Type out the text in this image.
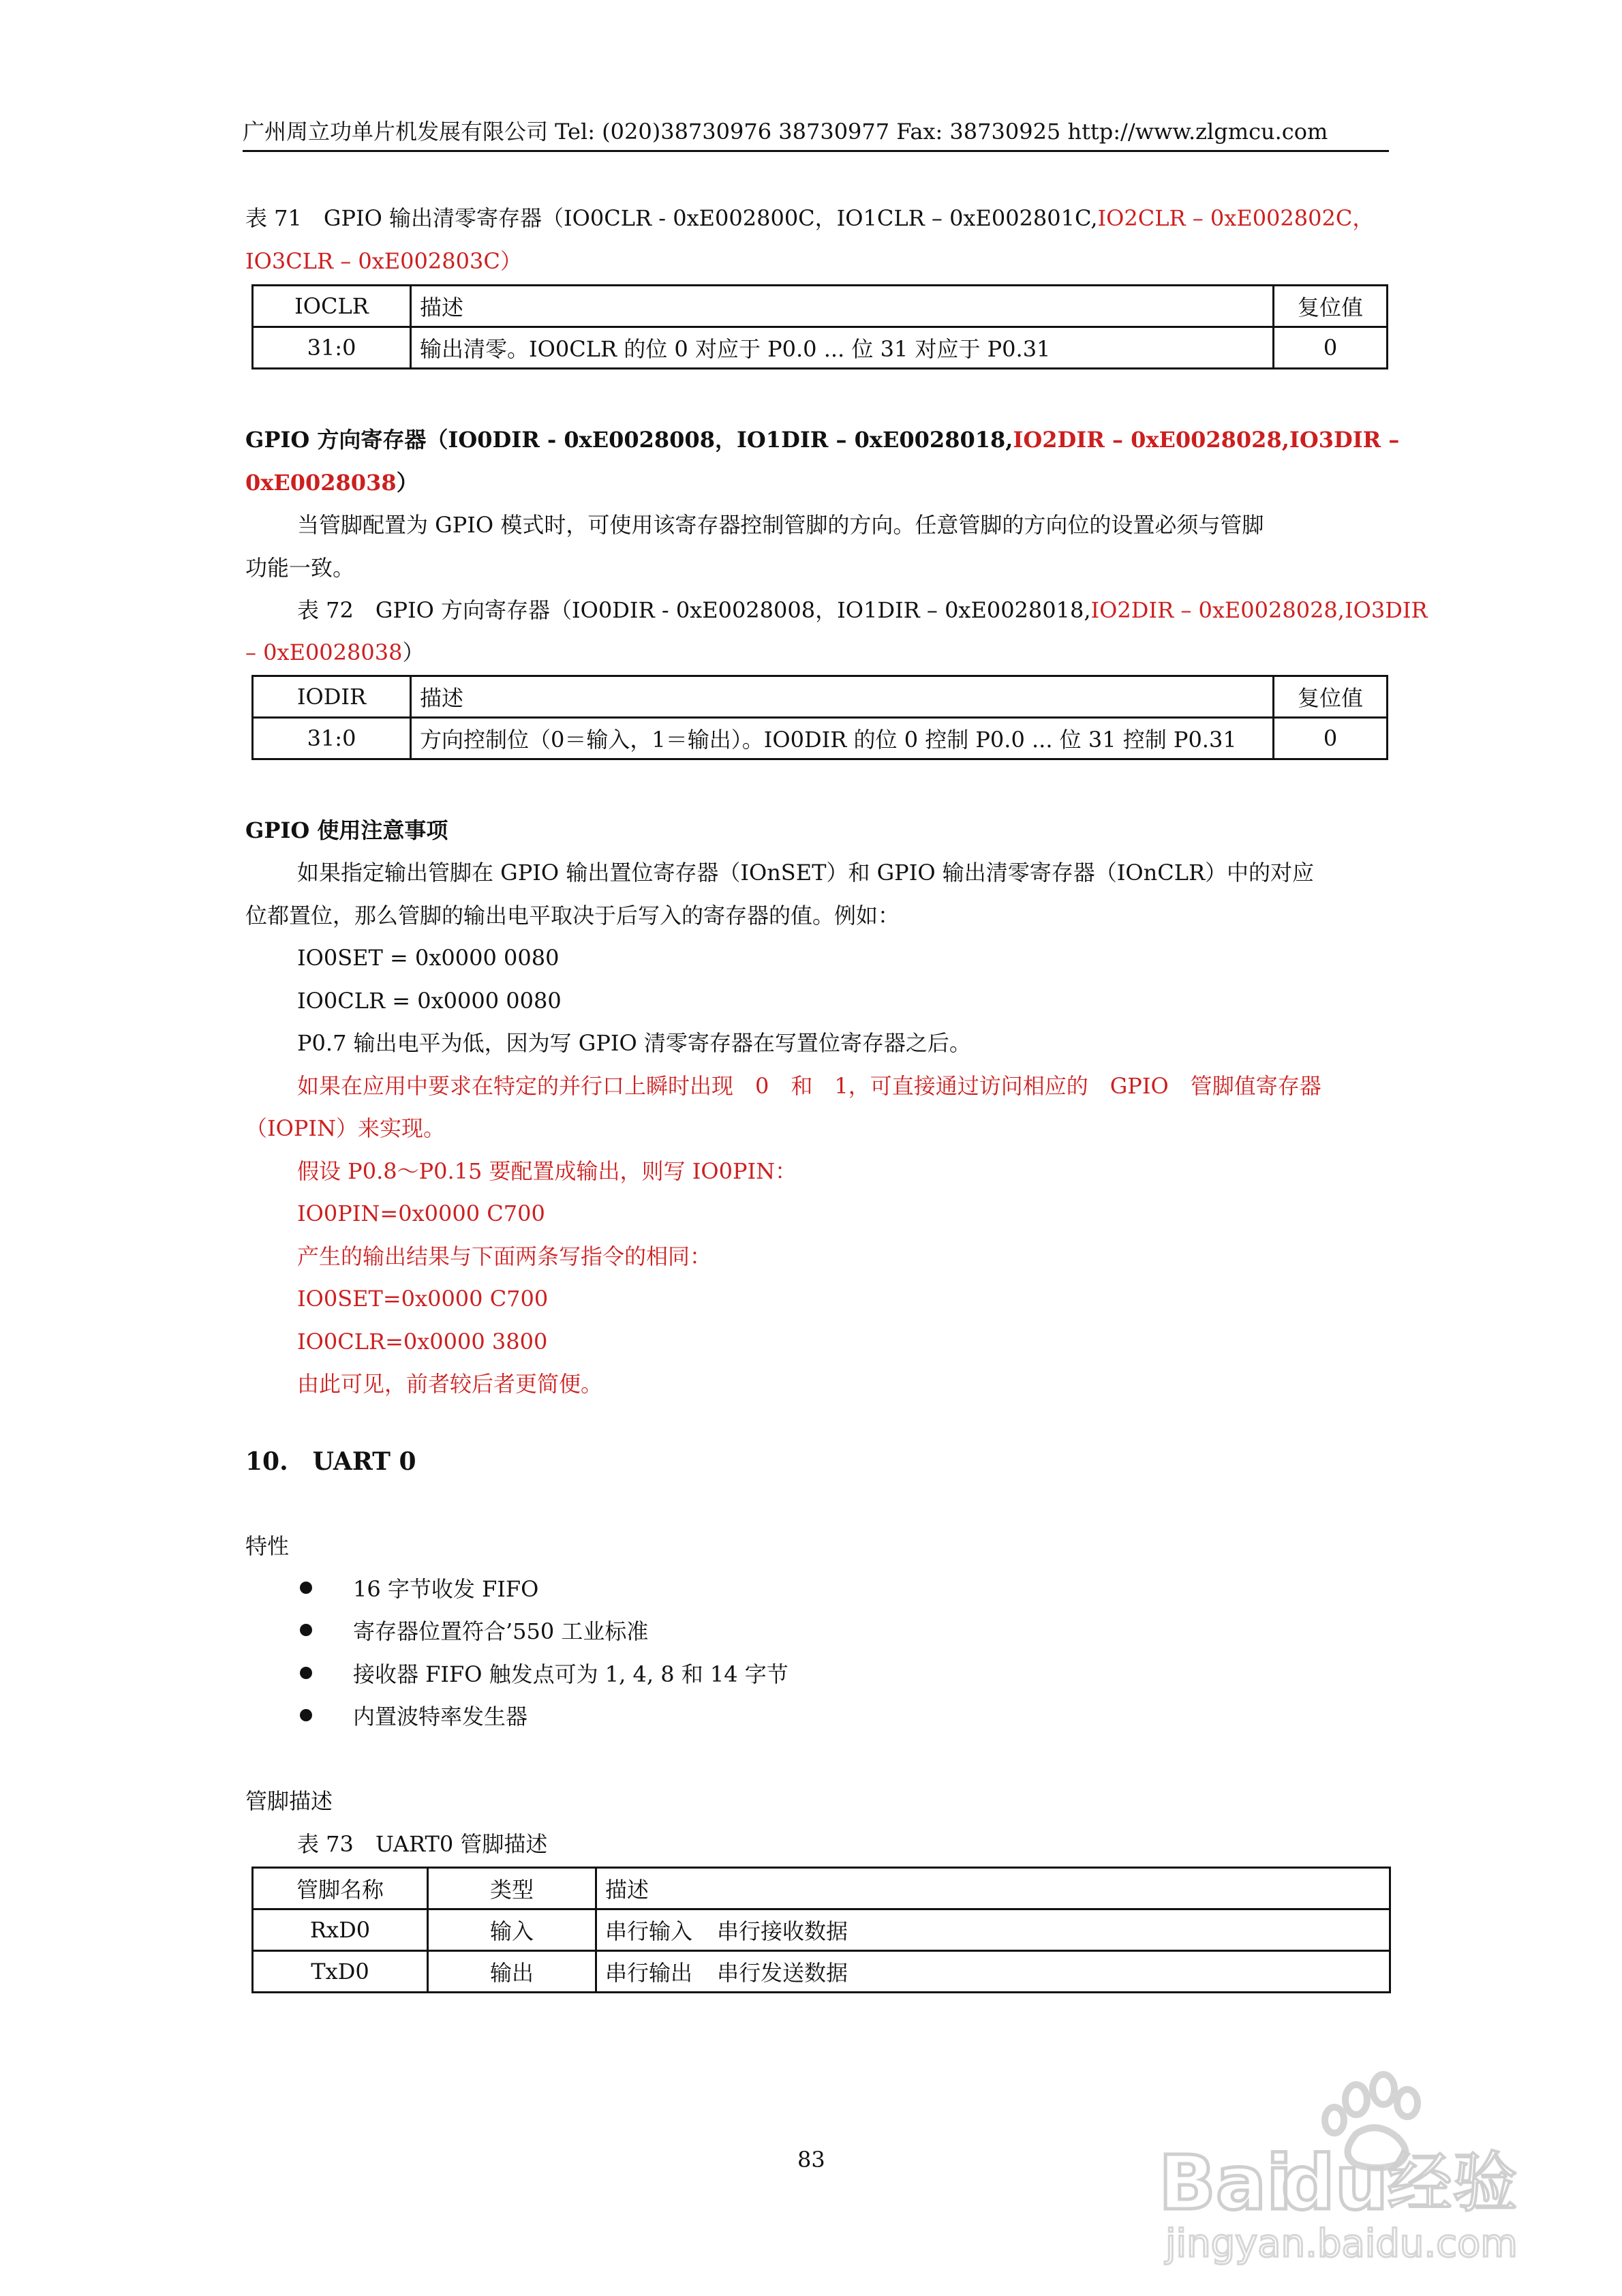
广州周立功单片机发展有限公司 Tel: (020)38730976 38730977 Fax: 38730925 http://www.zlgmcu.com
表 71　GPIO 输出清零寄存器（IO0CLR - 0xE002800C，IO1CLR – 0xE002801C,IO2CLR – 0xE002802C，
IO3CLR – 0xE002803C）
IOCLR	描述	复位值
31:0	输出清零。IO0CLR 的位 0 对应于 P0.0 ... 位 31 对应于 P0.31	0
GPIO 方向寄存器（IO0DIR - 0xE0028008，IO1DIR – 0xE0028018,IO2DIR – 0xE0028028,IO3DIR –
0xE0028038）
当管脚配置为 GPIO 模式时，可使用该寄存器控制管脚的方向。任意管脚的方向位的设置必须与管脚
功能一致。
表 72　GPIO 方向寄存器（IO0DIR - 0xE0028008，IO1DIR – 0xE0028018,IO2DIR – 0xE0028028,IO3DIR
– 0xE0028038）
IODIR	描述	复位值
31:0	方向控制位（0＝输入，1＝输出）。IO0DIR 的位 0 控制 P0.0 ... 位 31 控制 P0.31	0
GPIO 使用注意事项
如果指定输出管脚在 GPIO 输出置位寄存器（IOnSET）和 GPIO 输出清零寄存器（IOnCLR）中的对应
位都置位，那么管脚的输出电平取决于后写入的寄存器的值。例如：
IO0SET = 0x0000 0080
IO0CLR = 0x0000 0080
P0.7 输出电平为低，因为写 GPIO 清零寄存器在写置位寄存器之后。
如果在应用中要求在特定的并行口上瞬时出现　0　和　1，可直接通过访问相应的　GPIO　管脚值寄存器
（IOPIN）来实现。
假设 P0.8～P0.15 要配置成输出，则写 IO0PIN：
IO0PIN=0x0000 C700
产生的输出结果与下面两条写指令的相同：
IO0SET=0x0000 C700
IO0CLR=0x0000 3800
由此可见，前者较后者更简便。
10.　UART 0
特性
16 字节收发 FIFO
寄存器位置符合’550 工业标准
接收器 FIFO 触发点可为 1, 4, 8 和 14 字节
内置波特率发生器
管脚描述
表 73　UART0 管脚描述
管脚名称	类型	描述
RxD0	输入	串行输入 串行接收数据
TxD0	输出	串行输出 串行发送数据
83	Bai
du
经验
jingyan.baidu.com
